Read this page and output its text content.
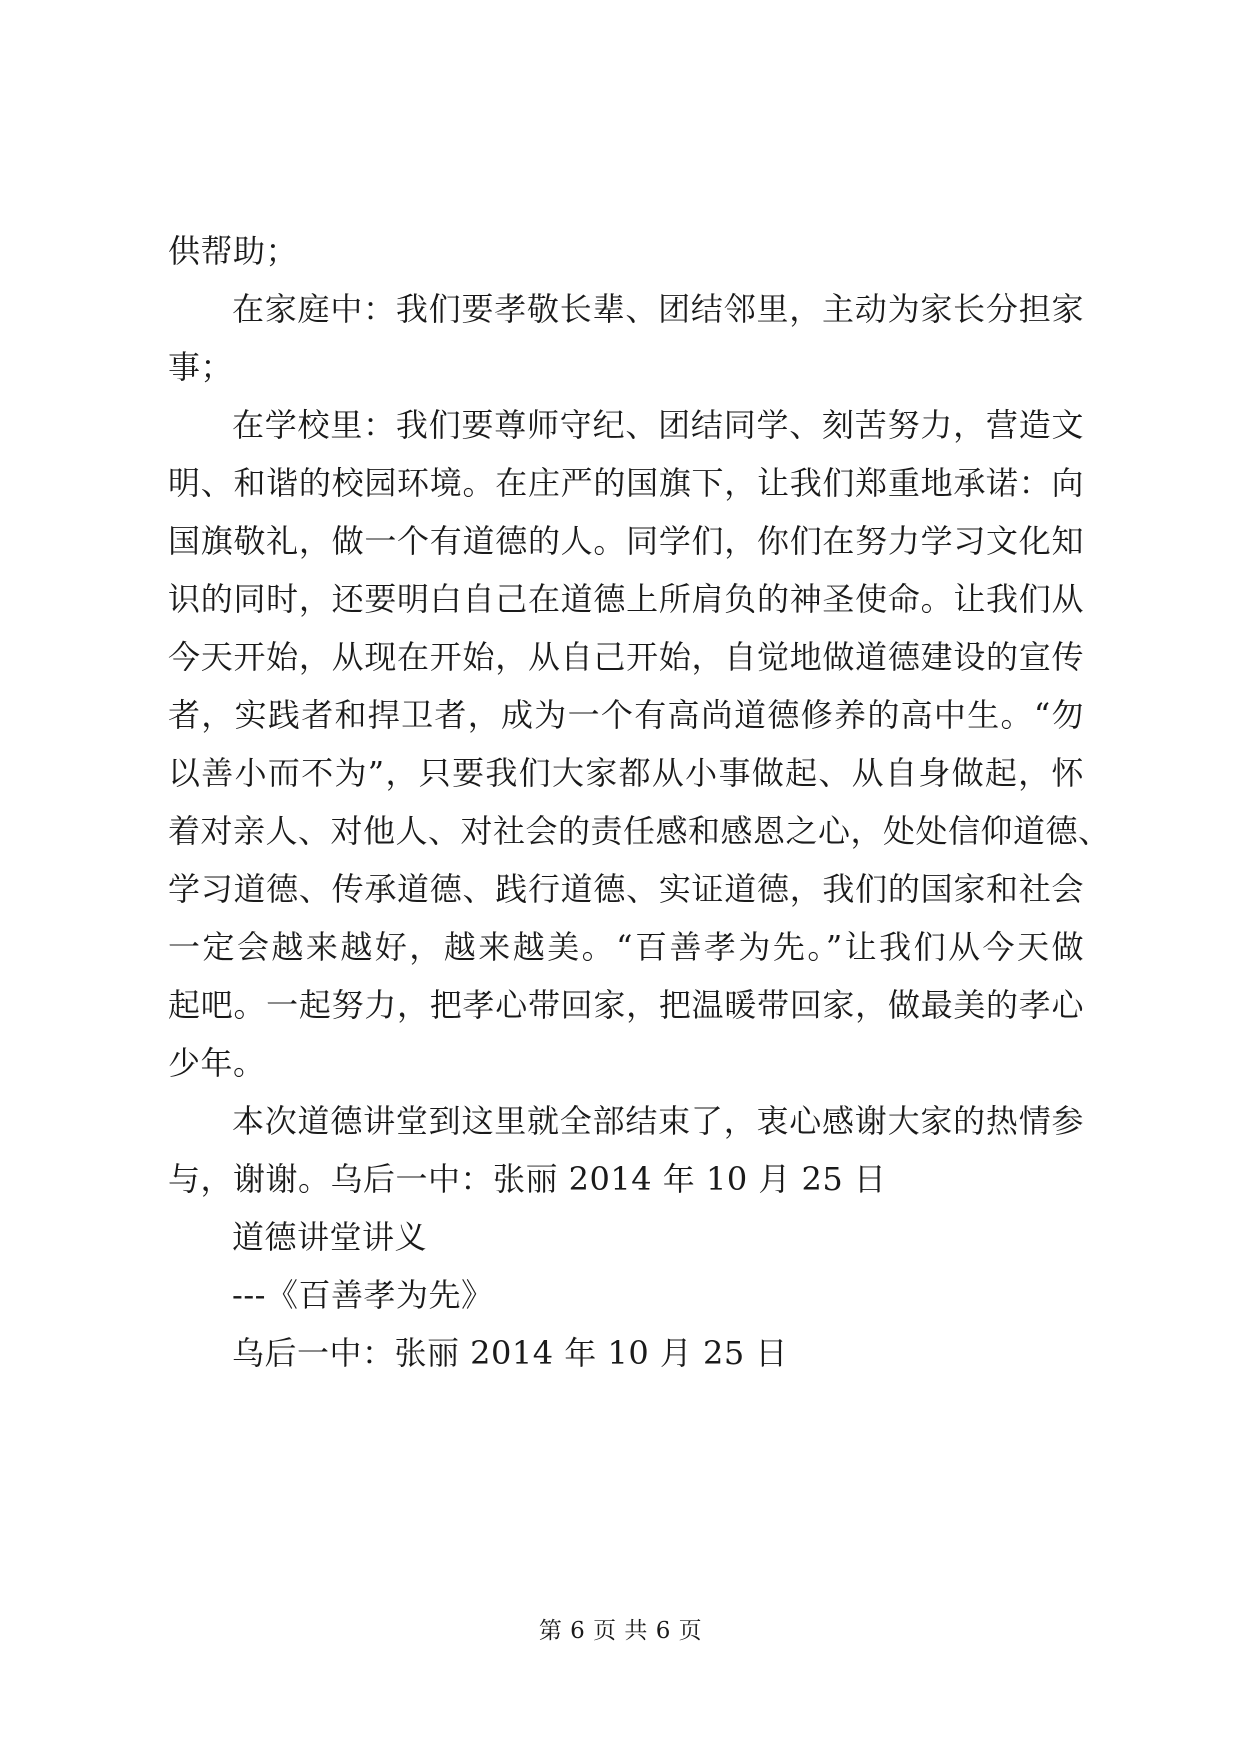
供帮助；
在家庭中：我们要孝敬长辈、团结邻里，主动为家长分担家
事；
在学校里：我们要尊师守纪、团结同学、刻苦努力，营造文
明、和谐的校园环境。在庄严的国旗下，让我们郑重地承诺：向
国旗敬礼，做一个有道德的人。同学们，你们在努力学习文化知
识的同时，还要明白自己在道德上所肩负的神圣使命。让我们从
今天开始，从现在开始，从自己开始，自觉地做道德建设的宣传
者，实践者和捍卫者，成为一个有高尚道德修养的高中生。“勿
以善小而不为”，只要我们大家都从小事做起、从自身做起，怀
着对亲人、对他人、对社会的责任感和感恩之心，处处信仰道德、
学习道德、传承道德、践行道德、实证道德，我们的国家和社会
一定会越来越好，越来越美。“百善孝为先。”让我们从今天做
起吧。一起努力，把孝心带回家，把温暖带回家，做最美的孝心
少年。
本次道德讲堂到这里就全部结束了，衷心感谢大家的热情参
与，谢谢。乌后一中：张丽 2014 年 10 月 25 日
道德讲堂讲义
---《百善孝为先》
乌后一中：张丽 2014 年 10 月 25 日
第 6 页 共 6 页
